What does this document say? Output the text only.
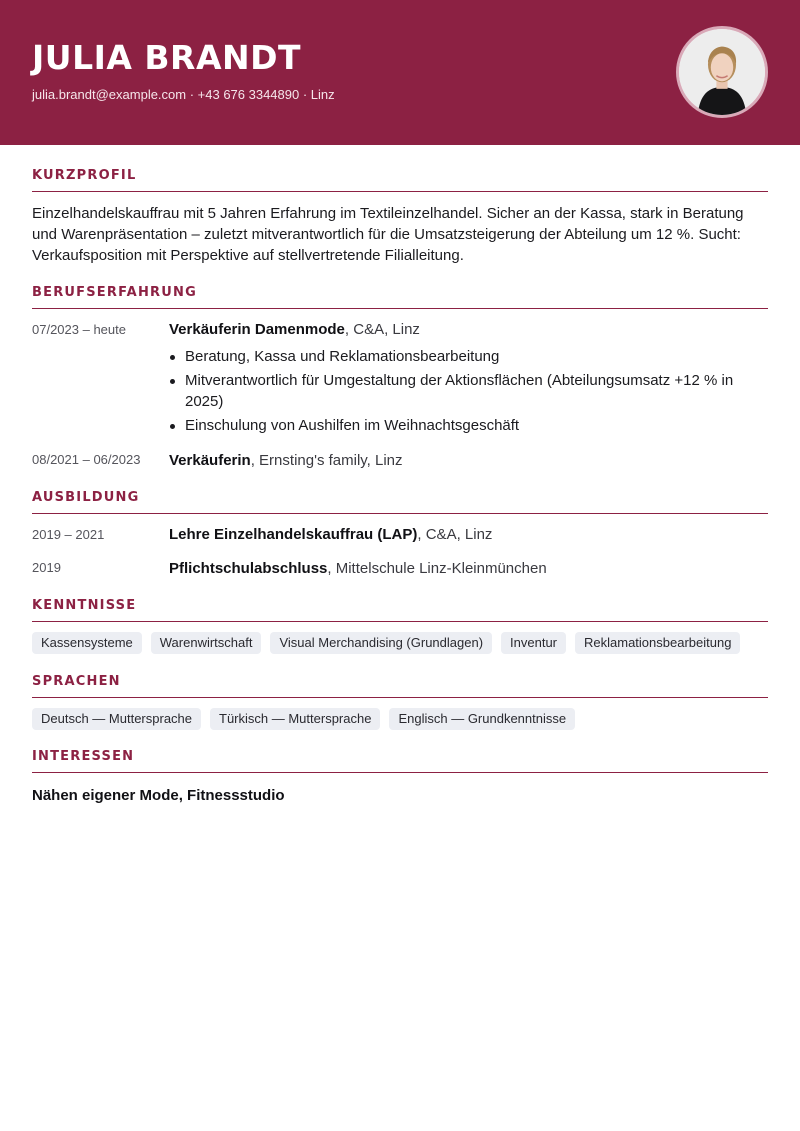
JULIA BRANDT
julia.brandt@example.com · +43 676 3344890 · Linz
KURZPROFIL
Einzelhandelskauffrau mit 5 Jahren Erfahrung im Textileinzelhandel. Sicher an der Kassa, stark in Beratung und Warenpräsentation – zuletzt mitverantwortlich für die Umsatzsteigerung der Abteilung um 12 %. Sucht: Verkaufsposition mit Perspektive auf stellvertretende Filialleitung.
BERUFSERFAHRUNG
07/2023 – heute	Verkäuferin Damenmode, C&A, Linz
Beratung, Kassa und Reklamationsbearbeitung
Mitverantwortlich für Umgestaltung der Aktionsflächen (Abteilungsumsatz +12 % in 2025)
Einschulung von Aushilfen im Weihnachtsgeschäft
08/2021 – 06/2023 Verkäuferin, Ernsting's family, Linz
AUSBILDUNG
2019 – 2021	Lehre Einzelhandelskauffrau (LAP), C&A, Linz
2019	Pflichtschulabschluss, Mittelschule Linz-Kleinmünchen
KENNTNISSE
Kassensysteme	Warenwirtschaft	Visual Merchandising (Grundlagen)	Inventur	Reklamationsbearbeitung
SPRACHEN
Deutsch — Muttersprache	Türkisch — Muttersprache	Englisch — Grundkenntnisse
INTERESSEN
Nähen eigener Mode, Fitnessstudio
